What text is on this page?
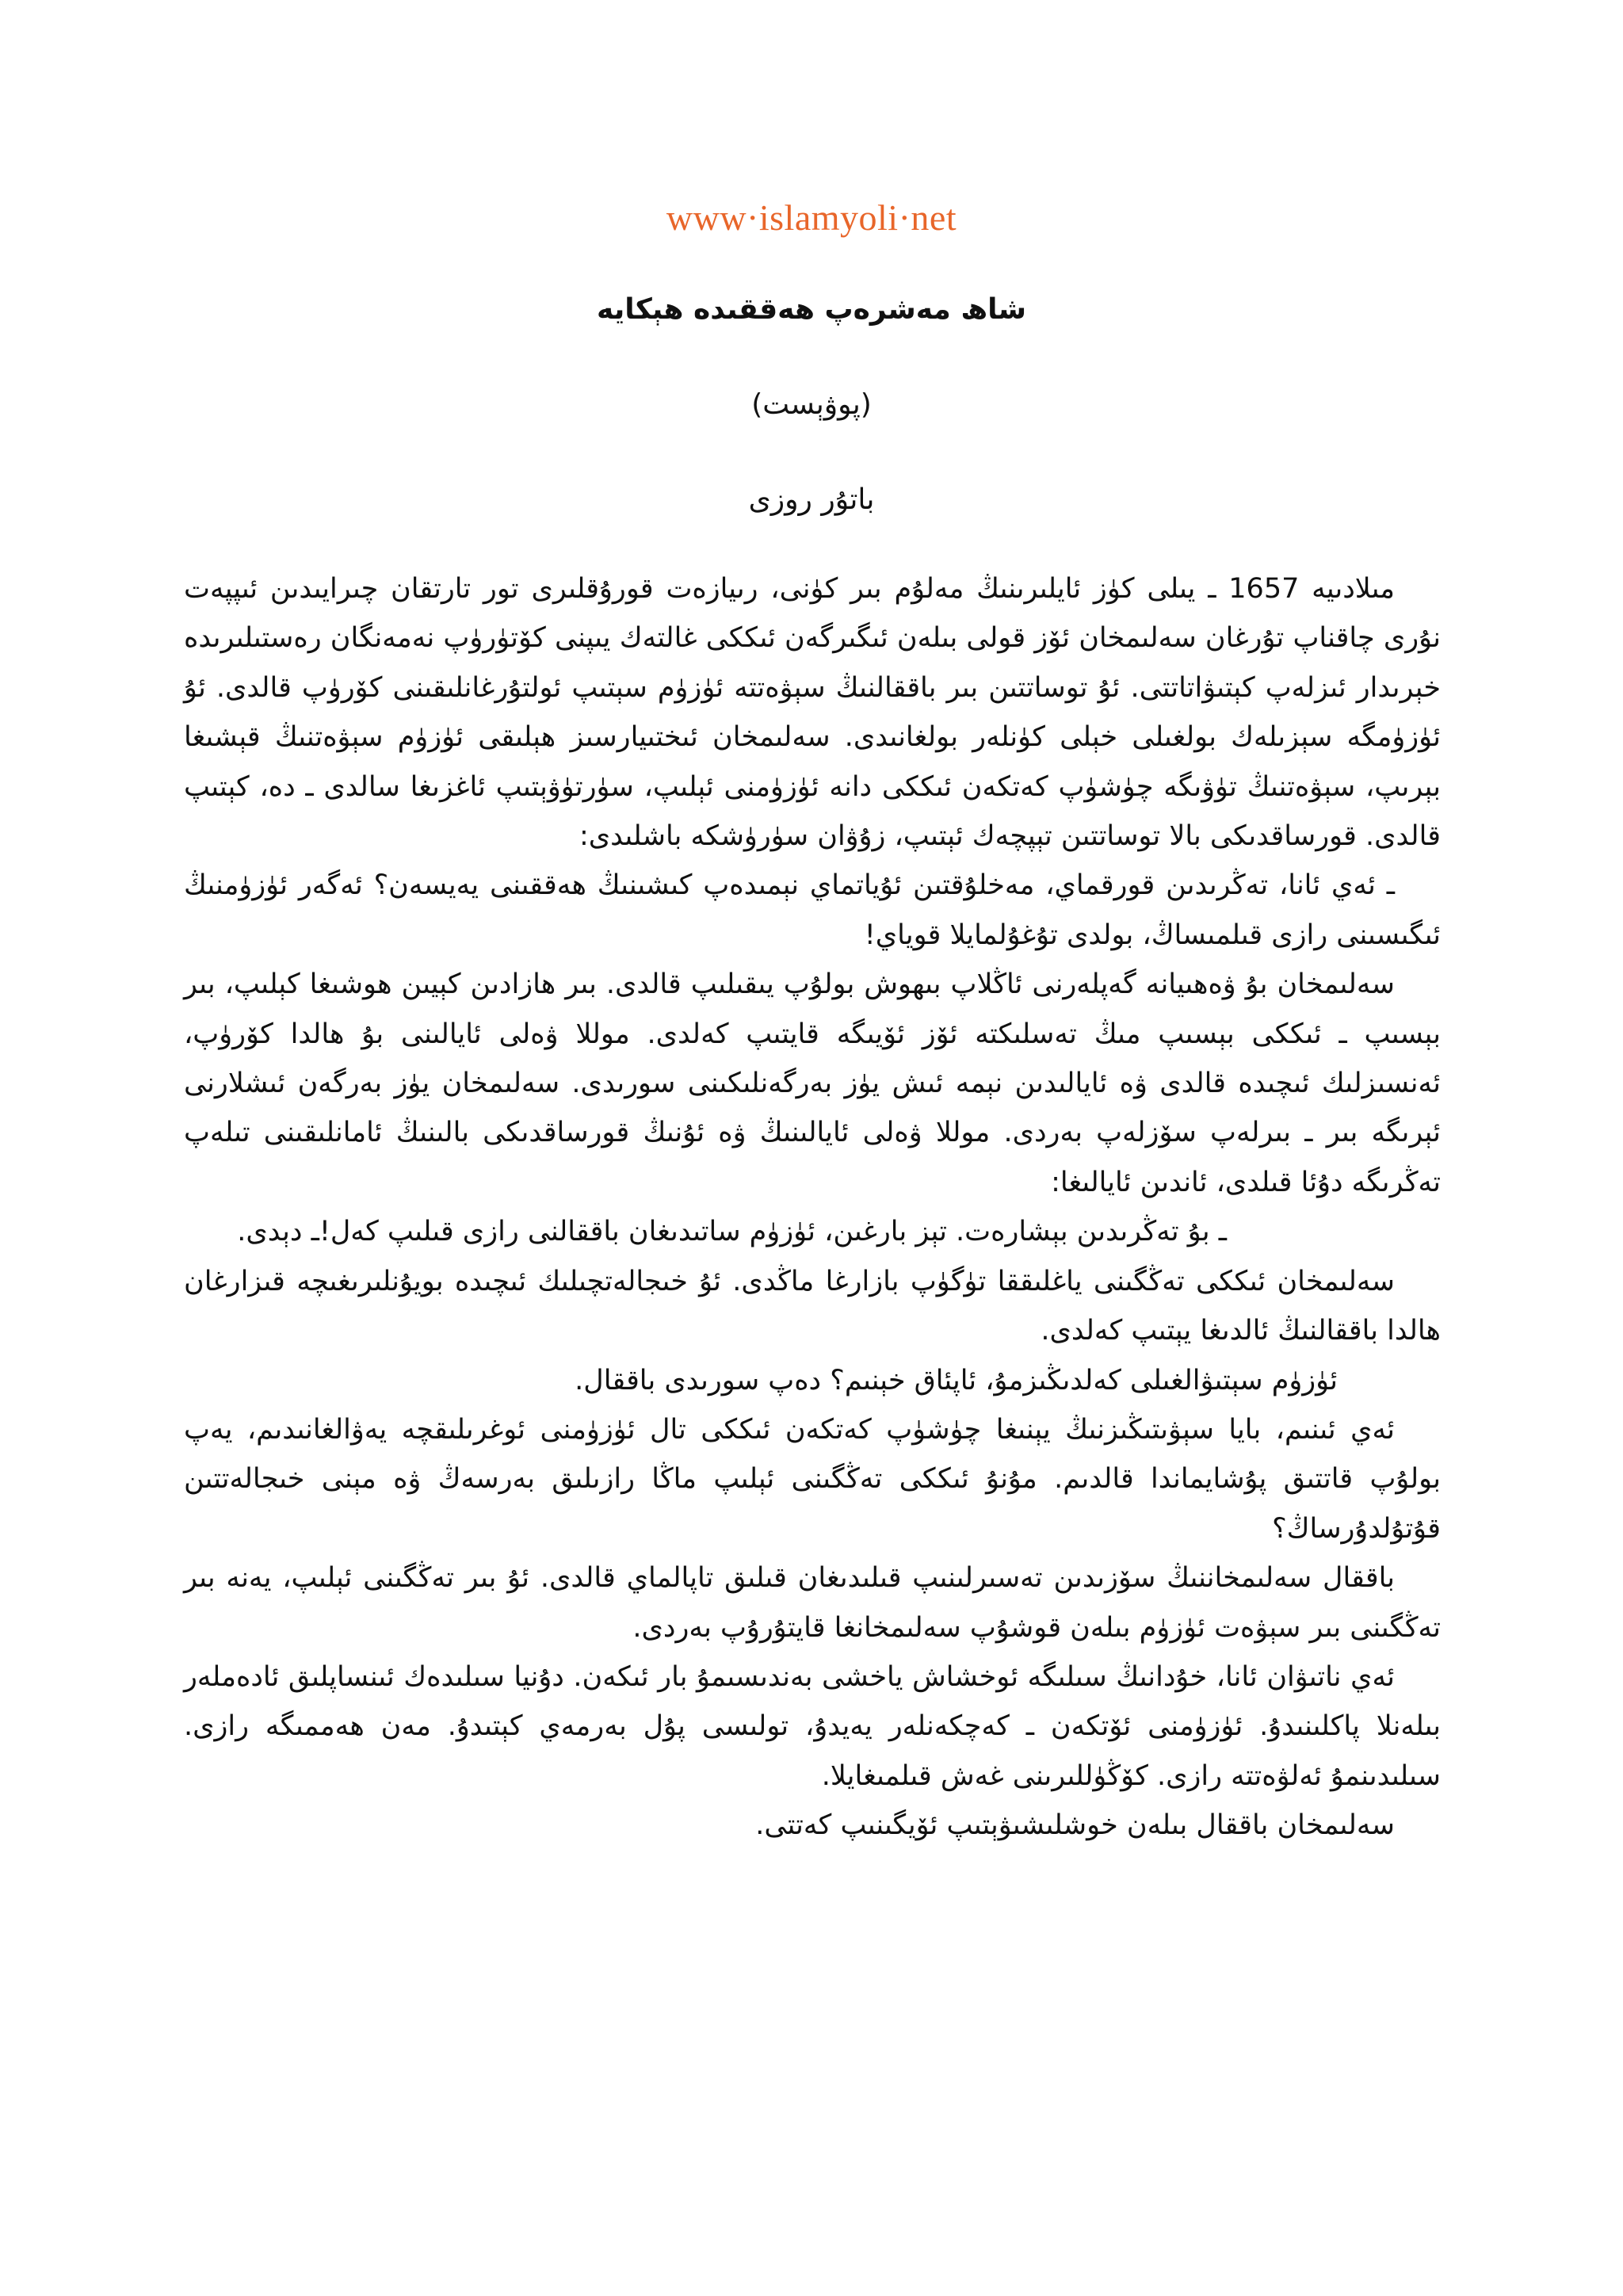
www·islamyoli·net
شاھ مەشرەپ ھەققىدە ھېكايە
(پوۋېست)
باتۇر روزى

مىلادىيە 1657 ـ يىلى كۈز ئايلىرىنىڭ مەلۇم بىر كۈنى، رىيازەت قورۇقلىرى تور تارتقان چىرايىدىن ئىپپەت نۇرى چاقناپ تۇرغان سەلىمخان ئۆز قولى بىلەن ئىگىرگەن ئىككى غالتەك يىپنى كۆتۈرۈپ نەمەنگان رەستىلىرىدە خېرىدار ئىزلەپ كېتىۋاتاتتى. ئۇ توساتتىن بىر باققالنىڭ سېۋەتتە ئۈزۈم سېتىپ ئولتۇرغانلىقىنى كۆرۈپ قالدى. ئۇ ئۈزۈمگە سېزىلەك بولغىلى خېلى كۈنلەر بولغانىدى. سەلىمخان ئىختىيارسىز ھېلىقى ئۈزۈم سېۋەتنىڭ قېشىغا بېرىپ، سېۋەتنىڭ تۈۋىگە چۈشۈپ كەتكەن ئىككى دانە ئۈزۈمنى ئېلىپ، سۈرتۈۋېتىپ ئاغزىغا سالدى ـ دە، كېتىپ قالدى. قورساقدىكى بالا توساتتىن تېپچەك ئېتىپ، زۇۋان سۈرۈشكە باشلىدى:

ـ ئەي ئانا، تەڭرىدىن قورقماي، مەخلۇقتىن ئۇياتماي نېمىدەپ كىشىنىڭ ھەققىنى يەيسەن؟ ئەگەر ئۈزۈمنىڭ ئىگىسىنى رازى قىلمىساڭ، بولدى تۇغۇلمايلا قوياي!

سەلىمخان بۇ ۋەھىيانە گەپلەرنى ئاڭلاپ بىھوش بولۇپ يىقىلىپ قالدى. بىر ھازادىن كېيىن ھوشىغا كېلىپ، بىر بېسىپ ـ ئىككى بېسىپ مىڭ تەسلىكتە ئۆز ئۆيىگە قايتىپ كەلدى. موللا ۋەلى ئايالىنى بۇ ھالدا كۆرۈپ، ئەنسىزلىك ئىچىدە قالدى ۋە ئايالىدىن نېمە ئىش يۈز بەرگەنلىكىنى سورىدى. سەلىمخان يۈز بەرگەن ئىشلارنى ئېرىگە بىر ـ بىرلەپ سۆزلەپ بەردى. موللا ۋەلى ئايالىنىڭ ۋە ئۇنىڭ قورساقدىكى بالىنىڭ ئامانلىقىنى تىلەپ تەڭرىگە دۇئا قىلدى، ئاندىن ئايالىغا:

ـ بۇ تەڭرىدىن بېشارەت. تېز بارغىن، ئۈزۈم ساتىدىغان باققالنى رازى قىلىپ كەل!ـ دېدى.

سەلىمخان ئىككى تەڭگىنى ياغلىققا تۈگۈپ بازارغا ماڭدى. ئۇ خىجالەتچىلىك ئىچىدە بويۇنلىرىغىچە قىزارغان ھالدا باققالنىڭ ئالدىغا يېتىپ كەلدى.

ئۈزۈم سېتىۋالغىلى كەلدىڭىزمۇ، ئاپئاق خېنىم؟ دەپ سورىدى باققال.

ئەي ئىنىم، بايا سېۋىتىڭىزنىڭ يېنىغا چۈشۈپ كەتكەن ئىككى تال ئۈزۈمنى ئوغرىلىقچە يەۋالغانىدىم، يەپ بولۇپ قاتتىق پۇشايماندا قالدىم. مۇنۇ ئىككى تەڭگىنى ئېلىپ ماڭا رازىلىق بەرسەڭ ۋە مېنى خىجالەتتىن قۇتۇلدۇرساڭ؟

باققال سەلىمخاننىڭ سۆزىدىن تەسىرلىنىپ قىلىدىغان قىلىق تاپالماي قالدى. ئۇ بىر تەڭگىنى ئېلىپ، يەنە بىر تەڭگىنى بىر سېۋەت ئۈزۈم بىلەن قوشۇپ سەلىمخانغا قايتۇرۇپ بەردى.

ئەي ناتىۋان ئانا، خۇدانىڭ سىلىگە ئوخشاش ياخشى بەندىسىمۇ بار ئىكەن. دۇنيا سىلىدەك ئىنساپلىق ئادەملەر بىلەنلا پاكلىنىدۇ. ئۈزۈمنى ئۆتكەن ـ كەچكەنلەر يەيدۇ، تولىسى پۇل بەرمەي كېتىدۇ. مەن ھەممىگە رازى. سىلىدىنمۇ ئەلۋەتتە رازى. كۆڭۈللىرىنى غەش قىلمىغايلا.

سەلىمخان باققال بىلەن خوشلىشىۋېتىپ ئۆيگىنىپ كەتتى.
